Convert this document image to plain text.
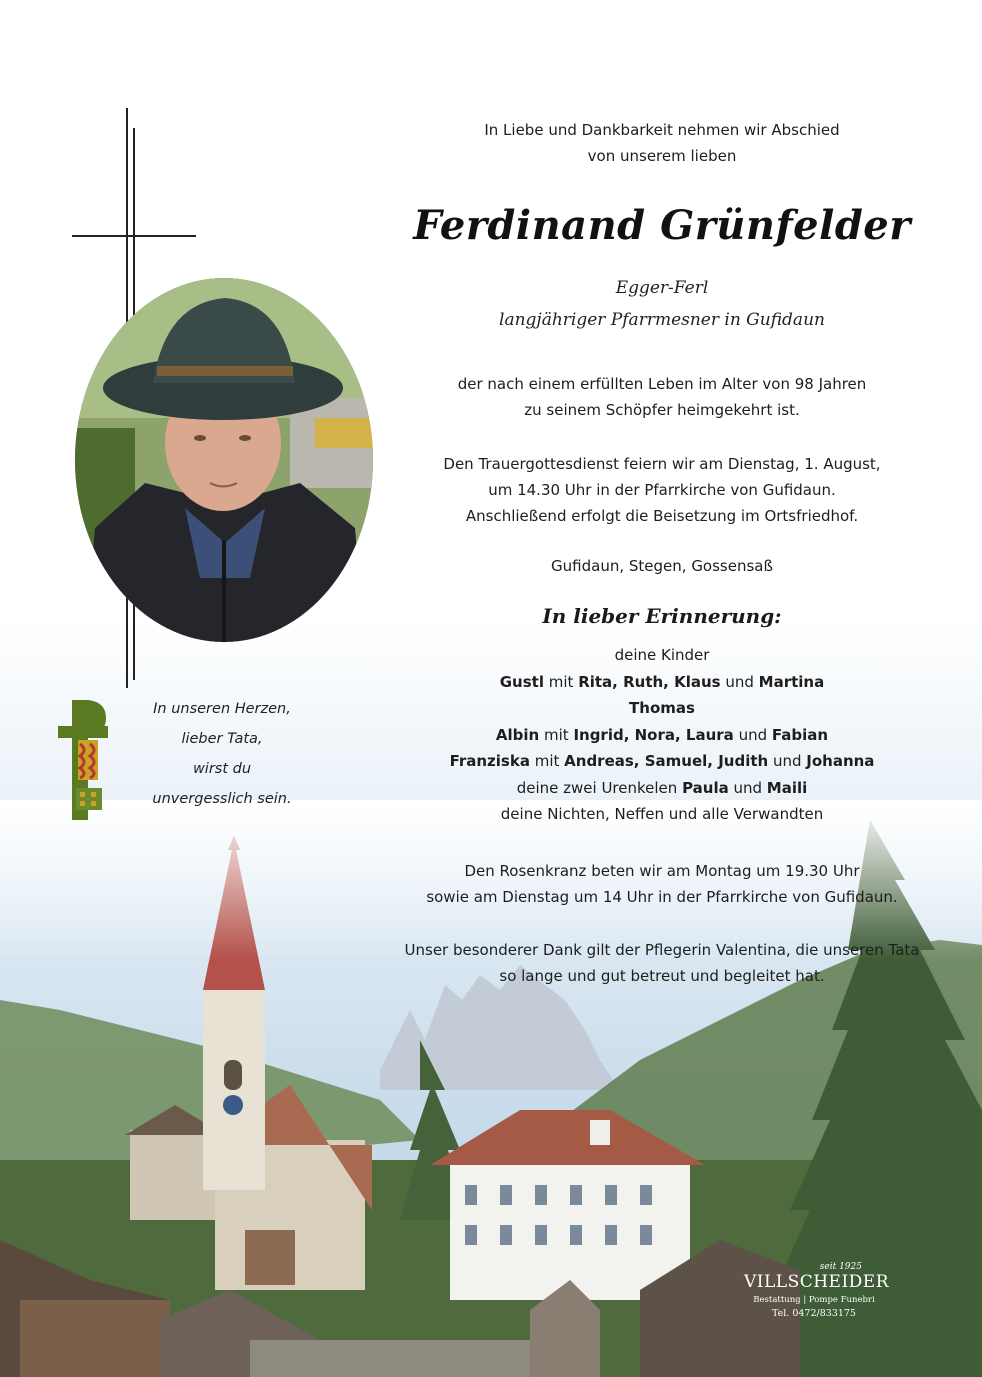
In unseren Herzen,
lieber Tata,
wirst du
unvergesslich sein.
In Liebe und Dankbarkeit nehmen wir Abschied
von unserem lieben
Ferdinand Grünfelder
Egger-Ferl
langjähriger Pfarrmesner in Gufidaun
der nach einem erfüllten Leben im Alter von 98 Jahren
zu seinem Schöpfer heimgekehrt ist.
Den Trauergottesdienst feiern wir am Dienstag, 1. August,
um 14.30 Uhr in der Pfarrkirche von Gufidaun.
Anschließend erfolgt die Beisetzung im Ortsfriedhof.
Gufidaun, Stegen, Gossensaß
In lieber Erinnerung:
deine Kinder
Gustl mit Rita, Ruth, Klaus und Martina
Thomas
Albin mit Ingrid, Nora, Laura und Fabian
Franziska mit Andreas, Samuel, Judith und Johanna
deine zwei Urenkelen Paula und Maili
deine Nichten, Neffen und alle Verwandten
Den Rosenkranz beten wir am Montag um 19.30 Uhr
sowie am Dienstag um 14 Uhr in der Pfarrkirche von Gufidaun.
Unser besonderer Dank gilt der Pflegerin Valentina, die unseren Tata
so lange und gut betreut und begleitet hat.
seit 1925
VILLSCHEIDER
Bestattung | Pompe Funebri
Tel. 0472/833175
